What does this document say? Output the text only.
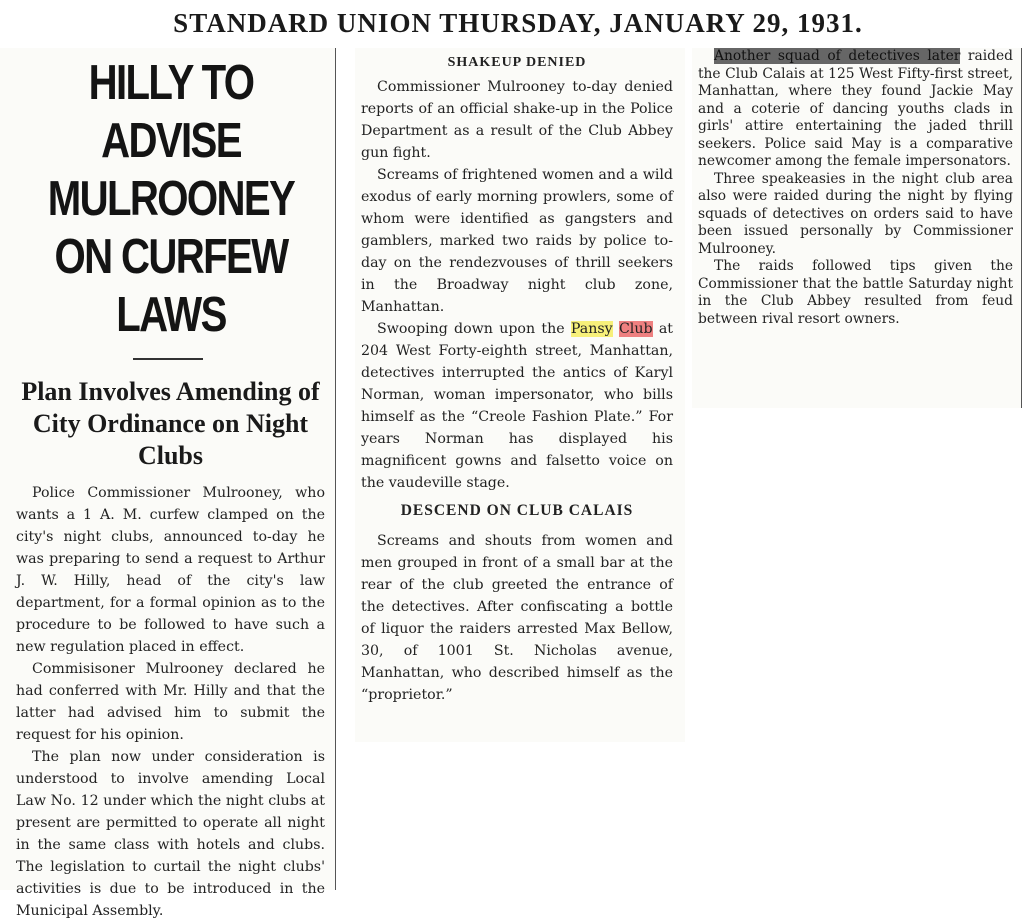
STANDARD UNION THURSDAY, JANUARY 29, 1931.
HILLY TO ADVISE MULROONEY ON CURFEW LAWS
Plan Involves Amending of City Ordinance on Night Clubs

Police Commissioner Mulrooney, who wants a 1 A. M. curfew clamped on the city's night clubs, announced to-day he was preparing to send a request to Arthur J. W. Hilly, head of the city's law department, for a formal opinion as to the procedure to be followed to have such a new regulation placed in effect.

Commisisoner Mulrooney declared he had conferred with Mr. Hilly and that the latter had advised him to submit the request for his opinion.

The plan now under consideration is understood to involve amending Local Law No. 12 under which the night clubs at present are permitted to operate all night in the same class with hotels and clubs. The legislation to curtail the night clubs' activities is due to be introduced in the Municipal Assembly.

SHAKEUP DENIED

Commissioner Mulrooney to-day denied reports of an official shake-up in the Police Department as a result of the Club Abbey gun fight.

Screams of frightened women and a wild exodus of early morning prowlers, some of whom were identified as gangsters and gamblers, marked two raids by police to-day on the rendezvouses of thrill seekers in the Broadway night club zone, Manhattan.

Swooping down upon the Pansy Club at 204 West Forty-eighth street, Manhattan, detectives interrupted the antics of Karyl Norman, woman impersonator, who bills himself as the “Creole Fashion Plate.” For years Norman has displayed his magnificent gowns and falsetto voice on the vaudeville stage.

DESCEND ON CLUB CALAIS

Screams and shouts from women and men grouped in front of a small bar at the rear of the club greeted the entrance of the detectives. After confiscating a bottle of liquor the raiders arrested Max Bellow, 30, of 1001 St. Nicholas avenue, Manhattan, who described himself as the “proprietor.”

Another squad of detectives later raided the Club Calais at 125 West Fifty-first street, Manhattan, where they found Jackie May and a coterie of dancing youths clads in girls' attire entertaining the jaded thrill seekers. Police said May is a comparative newcomer among the female impersonators.

Three speakeasies in the night club area also were raided during the night by flying squads of detectives on orders said to have been issued personally by Commissioner Mulrooney.

The raids followed tips given the Commissioner that the battle Saturday night in the Club Abbey resulted from feud between rival resort owners.
